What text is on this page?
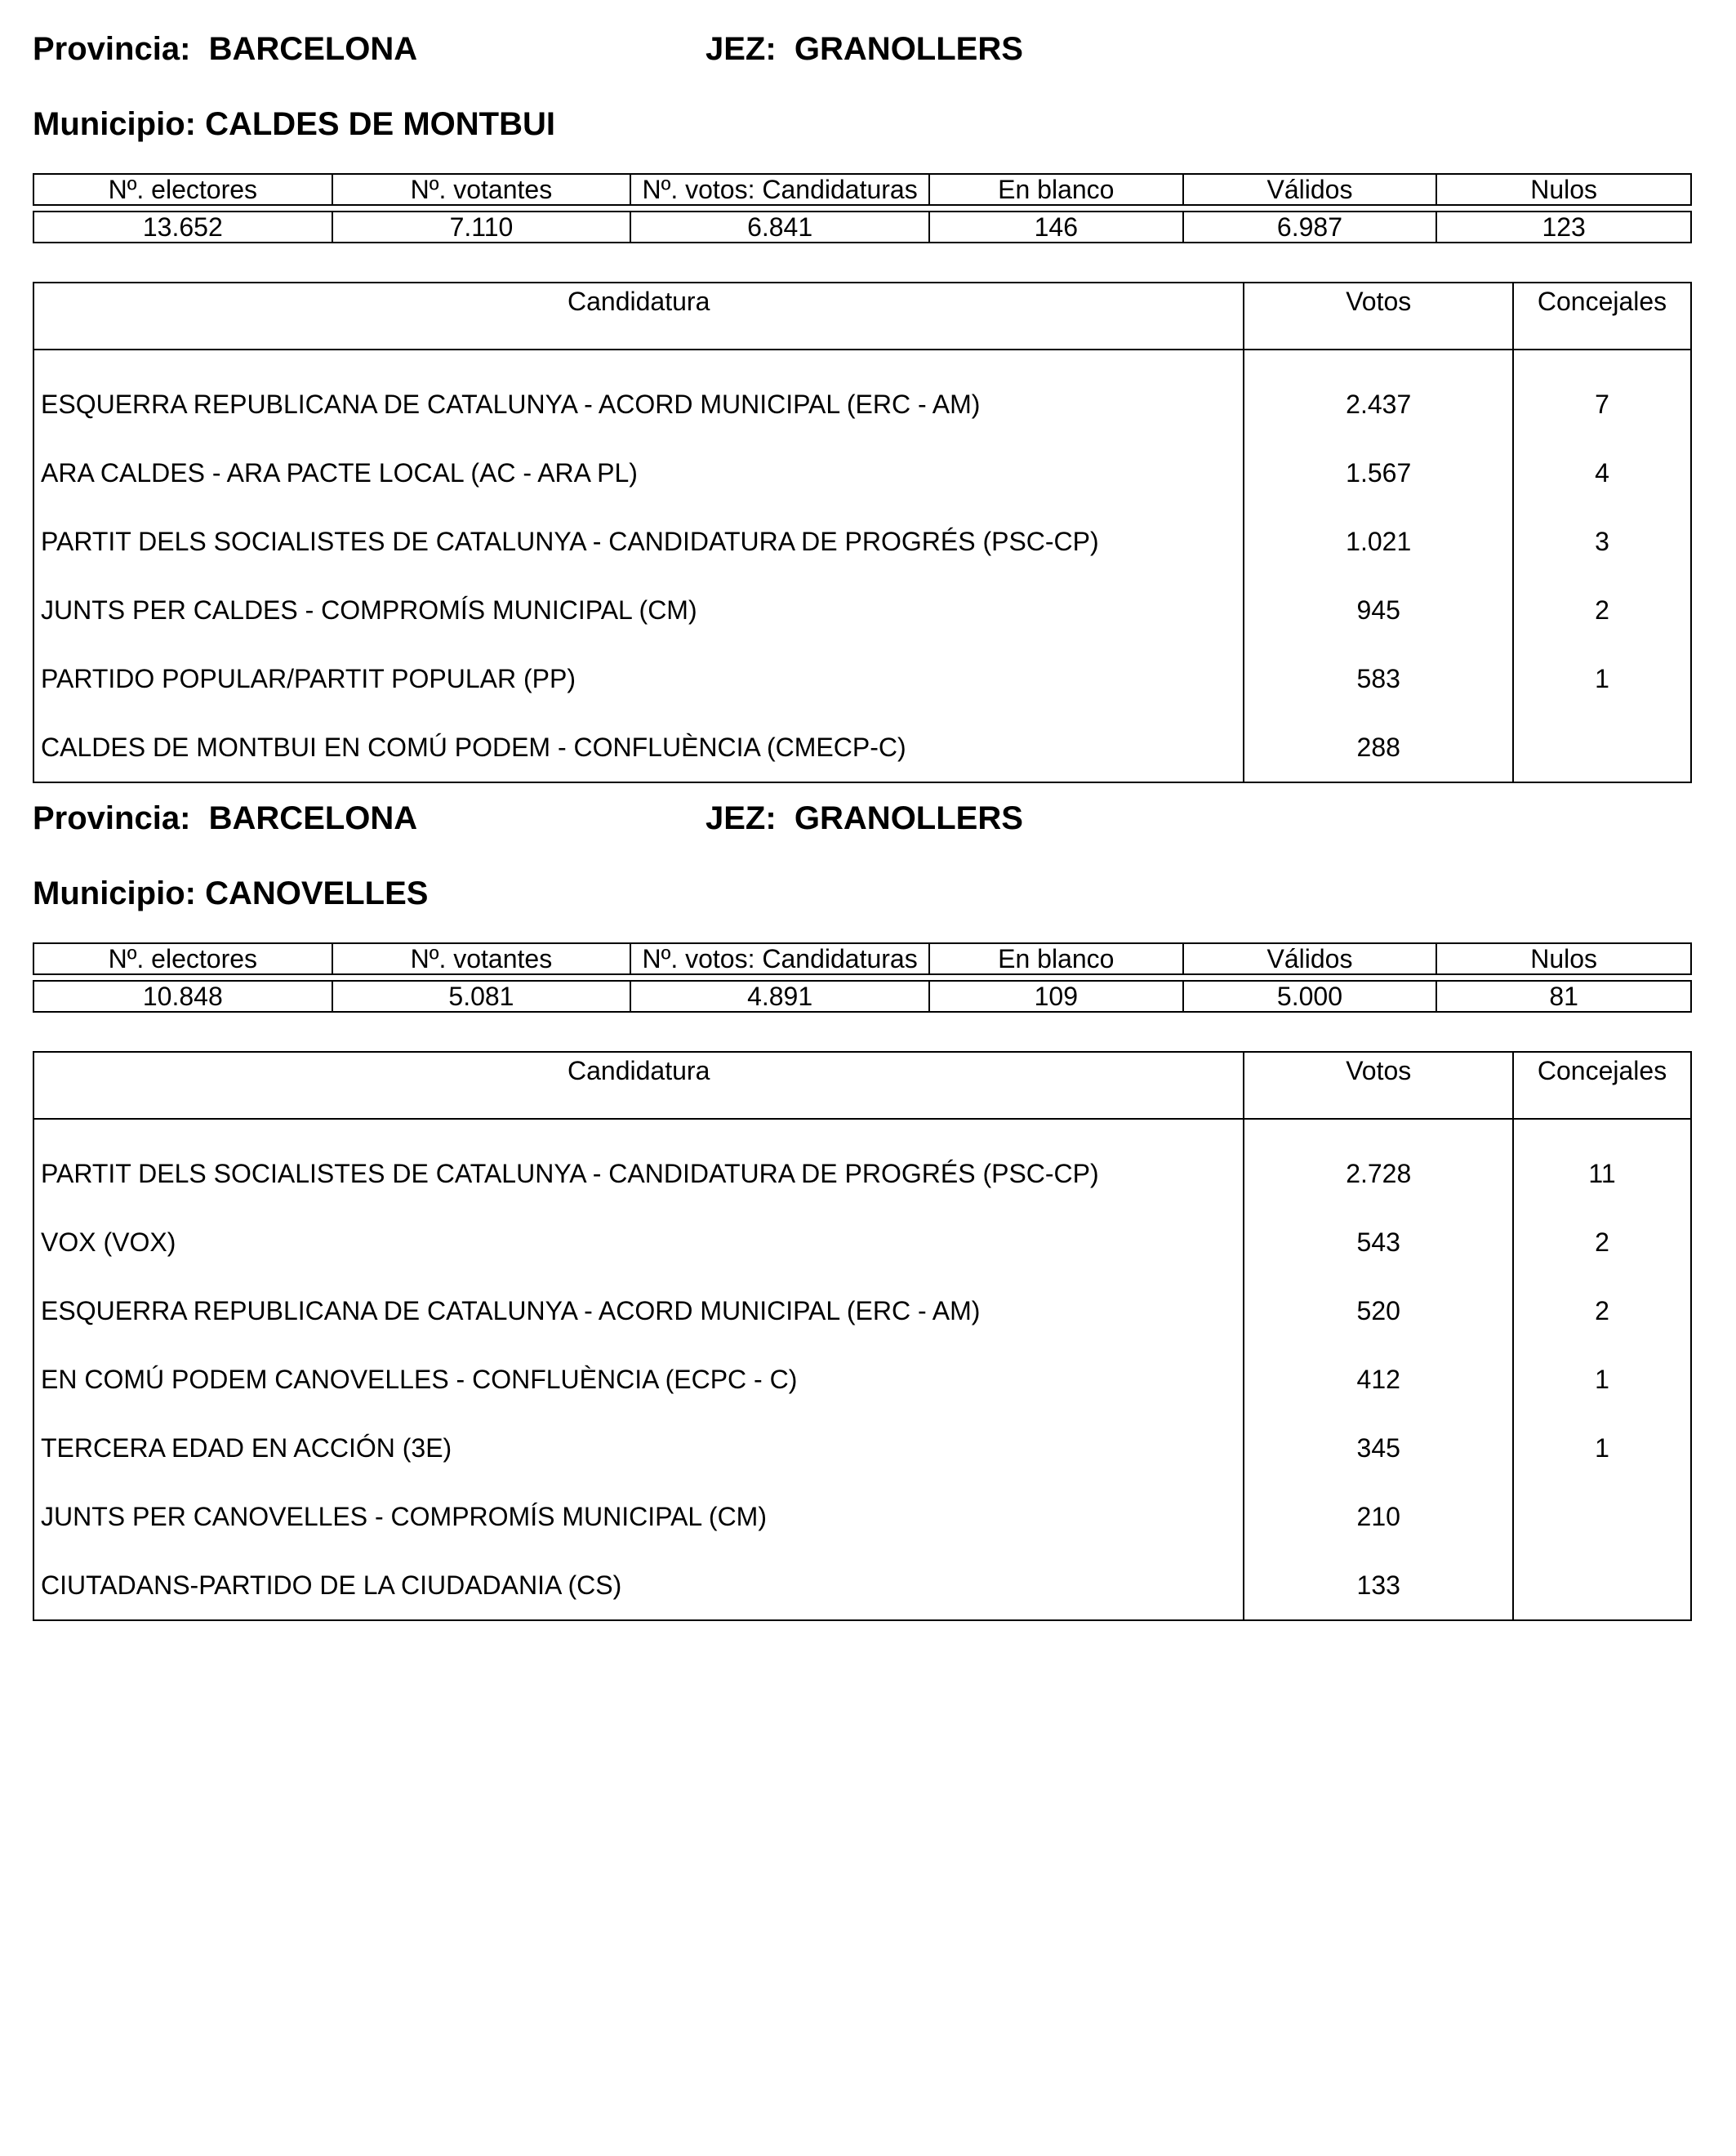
Provincia: BARCELONA	JEZ: GRANOLLERS
Municipio: CALDES DE MONTBUI
Nº. electores	Nº. votantes	Nº. votos: Candidaturas	En blanco	Válidos	Nulos

13.652	7.110	6.841	146	6.987	123
Candidatura	Votos	Concejales

ESQUERRA REPUBLICANA DE CATALUNYA - ACORD MUNICIPAL (ERC - AM)	2.437	7
ARA CALDES - ARA PACTE LOCAL (AC - ARA PL)	1.567	4
PARTIT DELS SOCIALISTES DE CATALUNYA - CANDIDATURA DE PROGRÉS (PSC-CP)	1.021	3
JUNTS PER CALDES - COMPROMÍS MUNICIPAL (CM)	945	2
PARTIDO POPULAR/PARTIT POPULAR (PP)	583	1
CALDES DE MONTBUI EN COMÚ PODEM - CONFLUÈNCIA (CMECP-C)	288	
Provincia: BARCELONA	JEZ: GRANOLLERS
Municipio: CANOVELLES
Nº. electores	Nº. votantes	Nº. votos: Candidaturas	En blanco	Válidos	Nulos

10.848	5.081	4.891	109	5.000	81
Candidatura	Votos	Concejales

PARTIT DELS SOCIALISTES DE CATALUNYA - CANDIDATURA DE PROGRÉS (PSC-CP)	2.728	11
VOX (VOX)	543	2
ESQUERRA REPUBLICANA DE CATALUNYA - ACORD MUNICIPAL (ERC - AM)	520	2
EN COMÚ PODEM CANOVELLES - CONFLUÈNCIA (ECPC - C)	412	1
TERCERA EDAD EN ACCIÓN (3E)	345	1
JUNTS PER CANOVELLES - COMPROMÍS MUNICIPAL (CM)	210	
CIUTADANS-PARTIDO DE LA CIUDADANIA (CS)	133	
